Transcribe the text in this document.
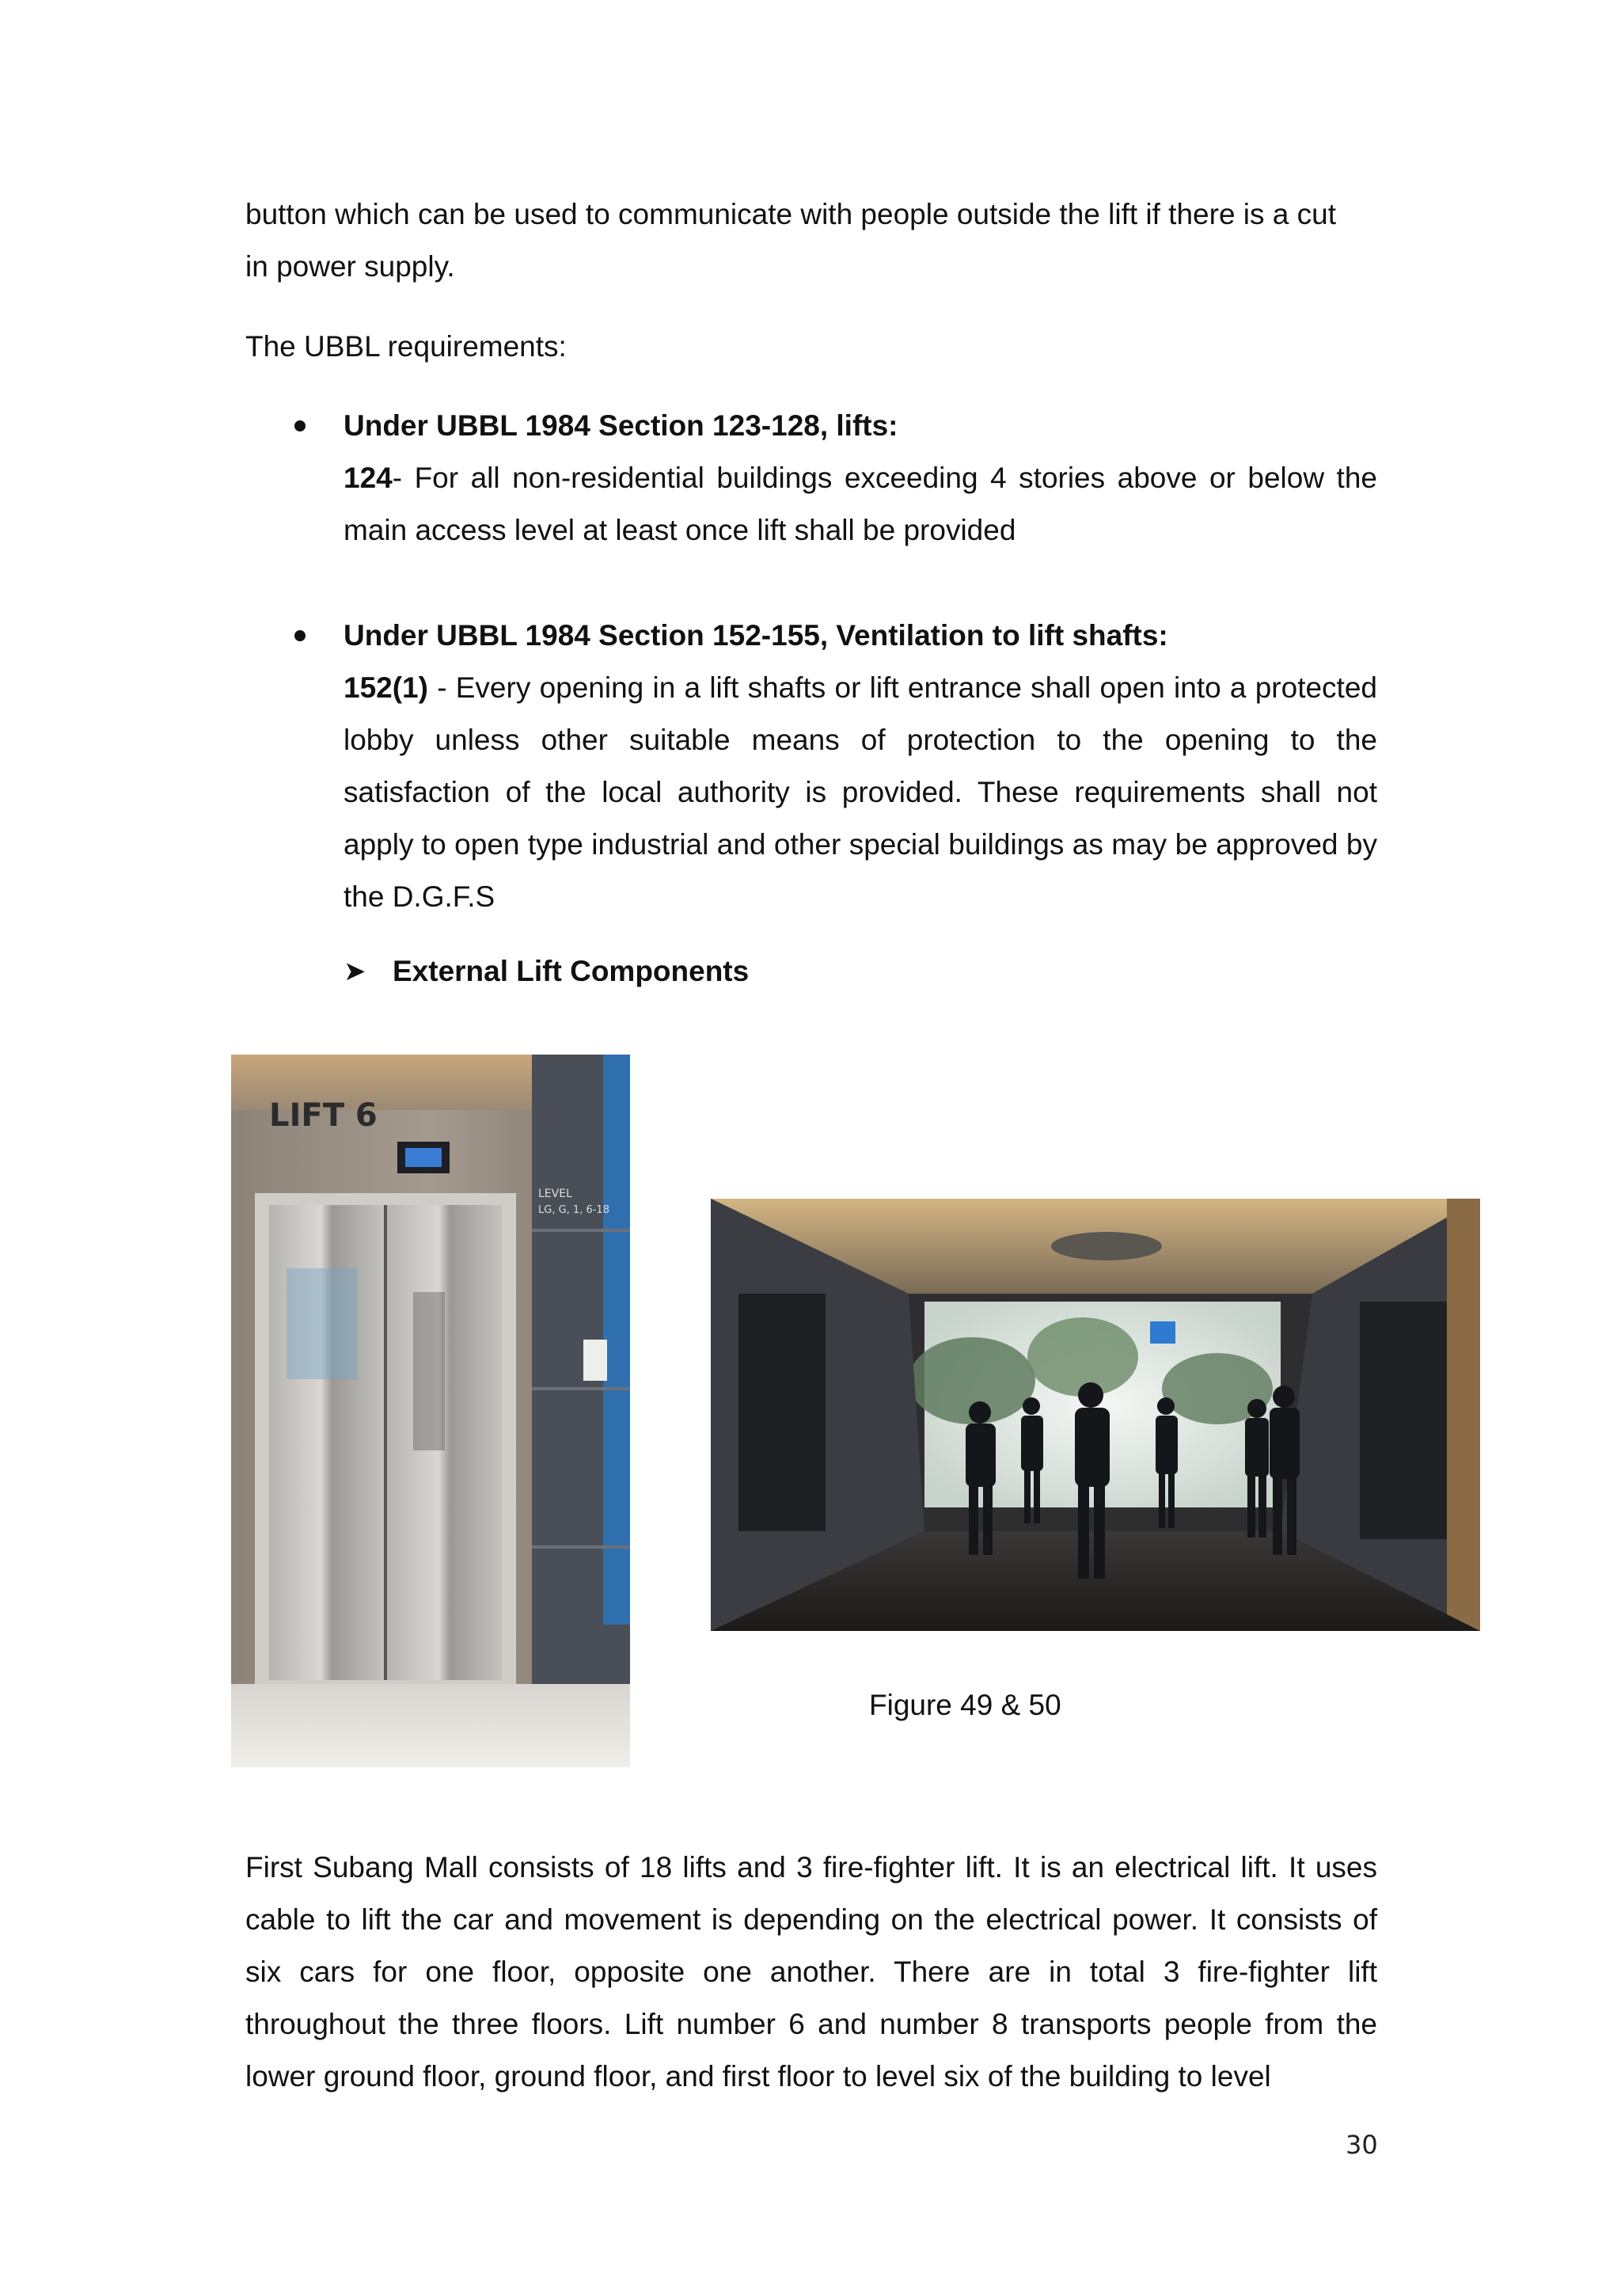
button which can be used to communicate with people outside the lift if there is a cut
in power supply.
The UBBL requirements:
Under UBBL 1984 Section 123-128, lifts:
124- For all non-residential buildings exceeding 4 stories above or below the main access level at least once lift shall be provided
Under UBBL 1984 Section 152-155, Ventilation to lift shafts:
152(1) - Every opening in a lift shafts or lift entrance shall open into a protected lobby unless other suitable means of protection to the opening to the satisfaction of the local authority is provided. These requirements shall not apply to open type industrial and other special buildings as may be approved by the D.G.F.S
➤ External Lift Components
LIFT 6
LEVEL
LG, G, 1, 6-18
Figure 49 & 50
First Subang Mall consists of 18 lifts and 3 fire-fighter lift. It is an electrical lift. It uses cable to lift the car and movement is depending on the electrical power. It consists of six cars for one floor, opposite one another. There are in total 3 fire-fighter lift throughout the three floors. Lift number 6 and number 8 transports people from the lower ground floor, ground floor, and first floor to level six of the building to level
30
